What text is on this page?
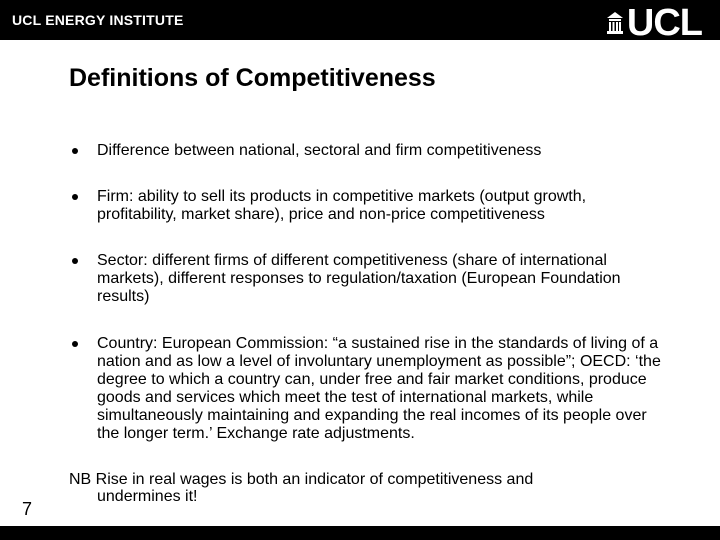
UCL ENERGY INSTITUTE	UCL
Definitions of Competitiveness
Difference between national, sectoral and firm competitiveness
Firm: ability to sell its products in competitive markets (output growth, profitability, market share), price and non-price competitiveness
Sector: different firms of different competitiveness (share of international markets), different responses to regulation/taxation (European Foundation results)
Country: European Commission: “a sustained rise in the standards of living of a nation and as low a level of involuntary unemployment as possible”; OECD: ‘the degree to which a country can, under free and fair market conditions, produce goods and services which meet the test of international markets, while simultaneously maintaining and expanding the real incomes of its people over the longer term.’ Exchange rate adjustments.

NB Rise in real wages is both an indicator of competitiveness and
undermines it!

7
